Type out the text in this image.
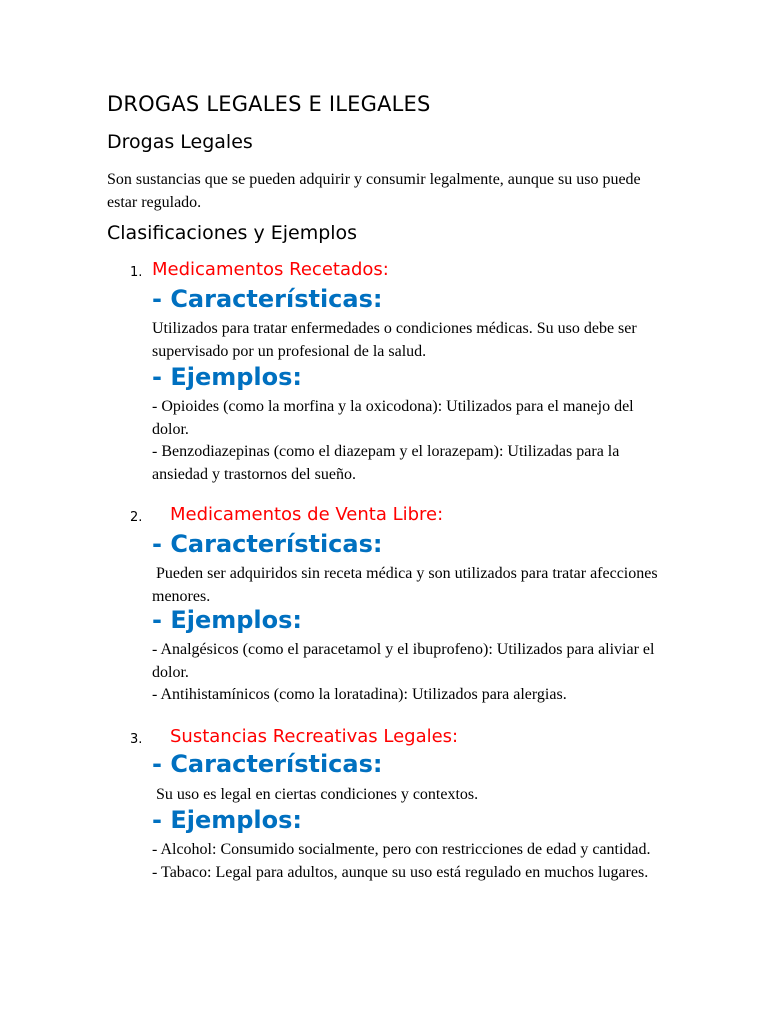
DROGAS LEGALES E ILEGALES
Drogas Legales

Son sustancias que se pueden adquirir y consumir legalmente, aunque su uso puede estar regulado.

Clasificaciones y Ejemplos
1. Medicamentos Recetados:
- Características:

Utilizados para tratar enfermedades o condiciones médicas. Su uso debe ser supervisado por un profesional de la salud.

- Ejemplos:
- Opioides (como la morfina y la oxicodona): Utilizados para el manejo del dolor.
- Benzodiazepinas (como el diazepam y el lorazepam): Utilizadas para la ansiedad y trastornos del sueño.
2. Medicamentos de Venta Libre:
- Características:

Pueden ser adquiridos sin receta médica y son utilizados para tratar afecciones menores.

- Ejemplos:
- Analgésicos (como el paracetamol y el ibuprofeno): Utilizados para aliviar el dolor.
- Antihistamínicos (como la loratadina): Utilizados para alergias.
3. Sustancias Recreativas Legales:
- Características:

Su uso es legal en ciertas condiciones y contextos.

- Ejemplos:
- Alcohol: Consumido socialmente, pero con restricciones de edad y cantidad.
- Tabaco: Legal para adultos, aunque su uso está regulado en muchos lugares.
